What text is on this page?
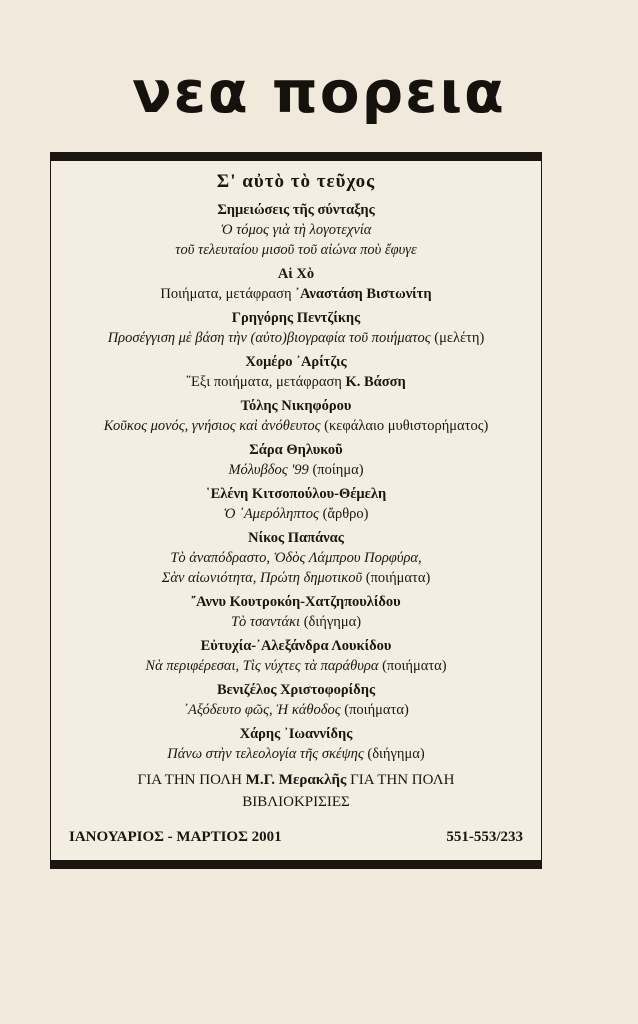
νεα πορεια
Σ' αὐτὸ τὸ τεῦχος
Σημειώσεις τῆς σύνταξης
Ὁ τόμος γιὰ τὴ λογοτεχνία
τοῦ τελευταίου μισοῦ τοῦ αἰώνα ποὺ ἔφυγε
Αἱ Χὸ
Ποιήματα, μετάφραση ᾿Αναστάση Βιστωνίτη
Γρηγόρης Πεντζίκης
Προσέγγιση μὲ βάση τὴν (αὐτο)βιογραφία τοῦ ποιήματος (μελέτη)
Χομέρο ᾿Αρίτζις
῞Εξι ποιήματα, μετάφραση Κ. Βάσση
Τόλης Νικηφόρου
Κοῦκος μονός, γνήσιος καὶ ἀνόθευτος (κεφάλαιο μυθιστορήματος)
Σάρα Θηλυκοῦ
Μόλυβδος '99 (ποίημα)
῾Ελένη Κιτσοπούλου-Θέμελη
Ὁ ᾿Αμερόληπτος (ἄρθρο)
Νίκος Παπάνας
Τὸ ἀναπόδραστο, Ὁδὸς Λάμπρου Πορφύρα,
Σὰν αἰωνιότητα, Πρώτη δημοτικοῦ (ποιήματα)
῎Αννυ Κουτροκόη-Χατζηπουλίδου
Τὸ τσαντάκι (διήγημα)
Εὐτυχία-᾿Αλεξάνδρα Λουκίδου
Νὰ περιφέρεσαι, Τὶς νύχτες τὰ παράθυρα (ποιήματα)
Βενιζέλος Χριστοφορίδης
᾿Αξόδευτο φῶς, Ἡ κάθοδος (ποιήματα)
Χάρης ᾿Ιωαννίδης
Πάνω στὴν τελεολογία τῆς σκέψης (διήγημα)
ΓΙΑ ΤΗΝ ΠΟΛΗ Μ.Γ. Μερακλῆς ΓΙΑ ΤΗΝ ΠΟΛΗ
ΒΙΒΛΙΟΚΡΙΣΙΕΣ
ΙΑΝΟΥΑΡΙΟΣ - ΜΑΡΤΙΟΣ 2001	551-553/233
